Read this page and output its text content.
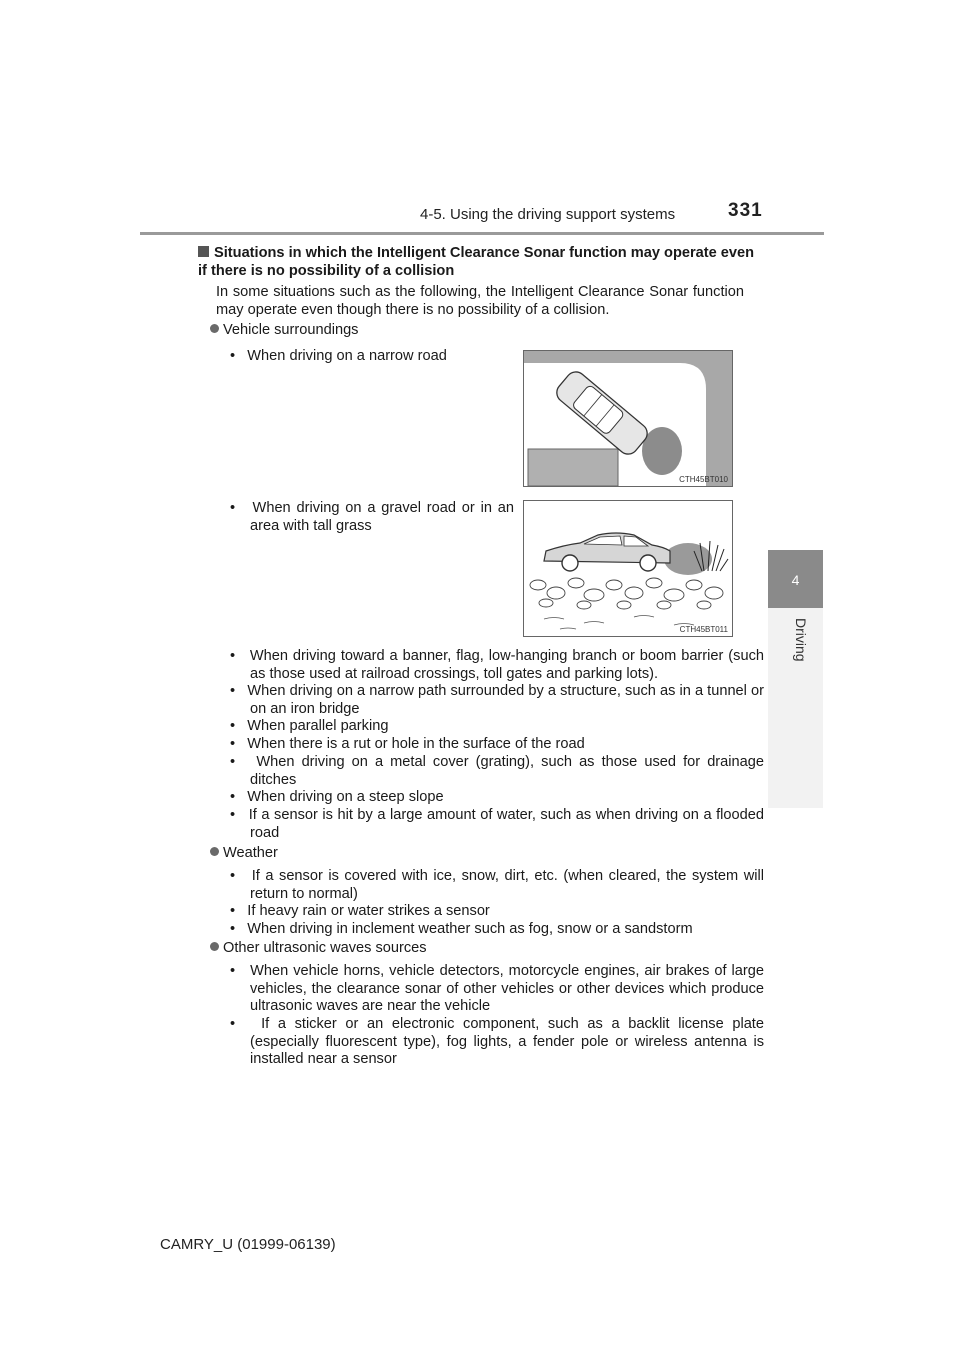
4-5. Using the driving support systems	331
4
Driving
Situations in which the Intelligent Clearance Sonar function may operate even if there is no possibility of a collision
In some situations such as the following, the Intelligent Clearance Sonar function may operate even though there is no possibility of a collision.
Vehicle surroundings
• When driving on a narrow road
CTH45BT010
• When driving on a gravel road or in an area with tall grass
CTH45BT011
• When driving toward a banner, flag, low-hanging branch or boom barrier (such as those used at railroad crossings, toll gates and parking lots).
• When driving on a narrow path surrounded by a structure, such as in a tunnel or on an iron bridge
• When parallel parking
• When there is a rut or hole in the surface of the road
• When driving on a metal cover (grating), such as those used for drainage ditches
• When driving on a steep slope
• If a sensor is hit by a large amount of water, such as when driving on a flooded road
Weather
• If a sensor is covered with ice, snow, dirt, etc. (when cleared, the system will return to normal)
• If heavy rain or water strikes a sensor
• When driving in inclement weather such as fog, snow or a sandstorm
Other ultrasonic waves sources
• When vehicle horns, vehicle detectors, motorcycle engines, air brakes of large vehicles, the clearance sonar of other vehicles or other devices which produce ultrasonic waves are near the vehicle
• If a sticker or an electronic component, such as a backlit license plate (especially fluorescent type), fog lights, a fender pole or wireless antenna is installed near a sensor
CAMRY_U (01999-06139)
